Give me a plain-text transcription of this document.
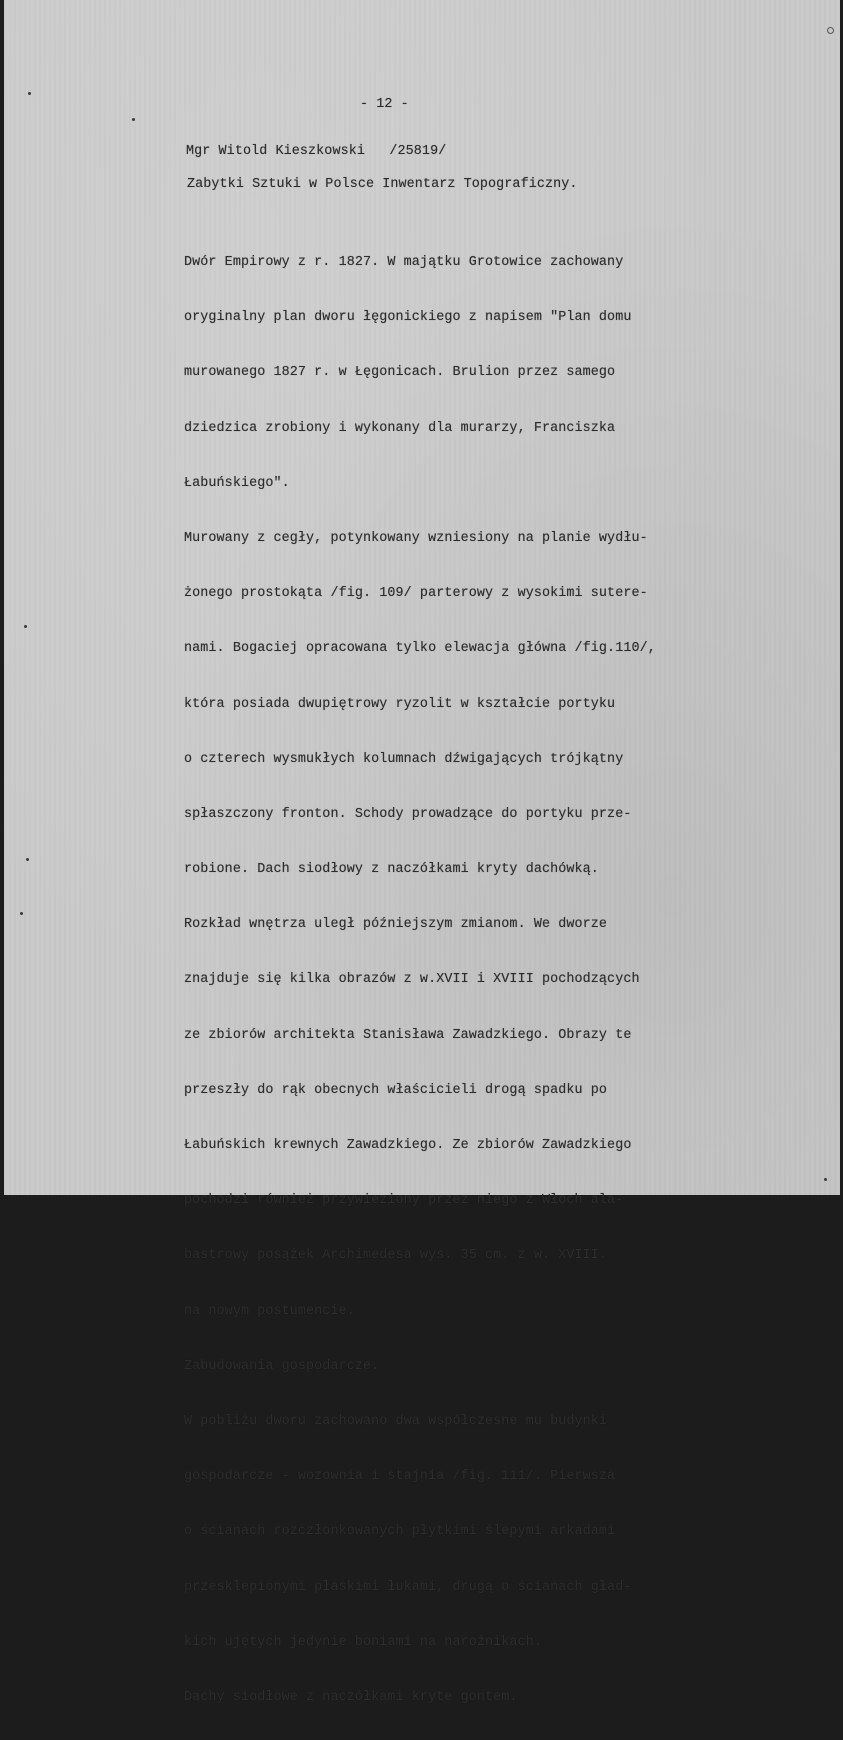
- 12 -
Mgr Witold Kieszkowski   /25819/
Zabytki Sztuki w Polsce Inwentarz Topograficzny.

Dwór Empirowy z r. 1827. W majątku Grotowice zachowany

oryginalny plan dworu łęgonickiego z napisem "Plan domu

murowanego 1827 r. w Łęgonicach. Brulion przez samego

dziedzica zrobiony i wykonany dla murarzy, Franciszka

Łabuńskiego".

Murowany z cegły, potynkowany wzniesiony na planie wydłu-

żonego prostokąta /fig. 109/ parterowy z wysokimi sutere-

nami. Bogaciej opracowana tylko elewacja główna /fig.110/,

która posiada dwupiętrowy ryzolit w kształcie portyku

o czterech wysmukłych kolumnach dźwigających trójkątny

spłaszczony fronton. Schody prowadzące do portyku prze-

robione. Dach siodłowy z naczółkami kryty dachówką.

Rozkład wnętrza uległ późniejszym zmianom. We dworze

znajduje się kilka obrazów z w.XVII i XVIII pochodzących

ze zbiorów architekta Stanisława Zawadzkiego. Obrazy te

przeszły do rąk obecnych właścicieli drogą spadku po

Łabuńskich krewnych Zawadzkiego. Ze zbiorów Zawadzkiego

pochodzi również przywieziony przez niego z Włoch ala-

bastrowy posążek Archimedesa wys. 35 cm. z w. XVIII.

na nowym postumencie.

Zabudowania gospodarcze.

W pobliżu dworu zachowano dwa współczesne mu budynki

gospodarcze - wozownia i stajnia /fig. 111/. Pierwsza

o ścianach rozczłonkowanych płytkimi ślepymi arkadami

przesklepionymi płaskimi łukami, drugą o ścianach gład-

kich ujętych jedynie boniami na narożnikach.

Dachy siodłowe z naczółkami kryte gontem.
